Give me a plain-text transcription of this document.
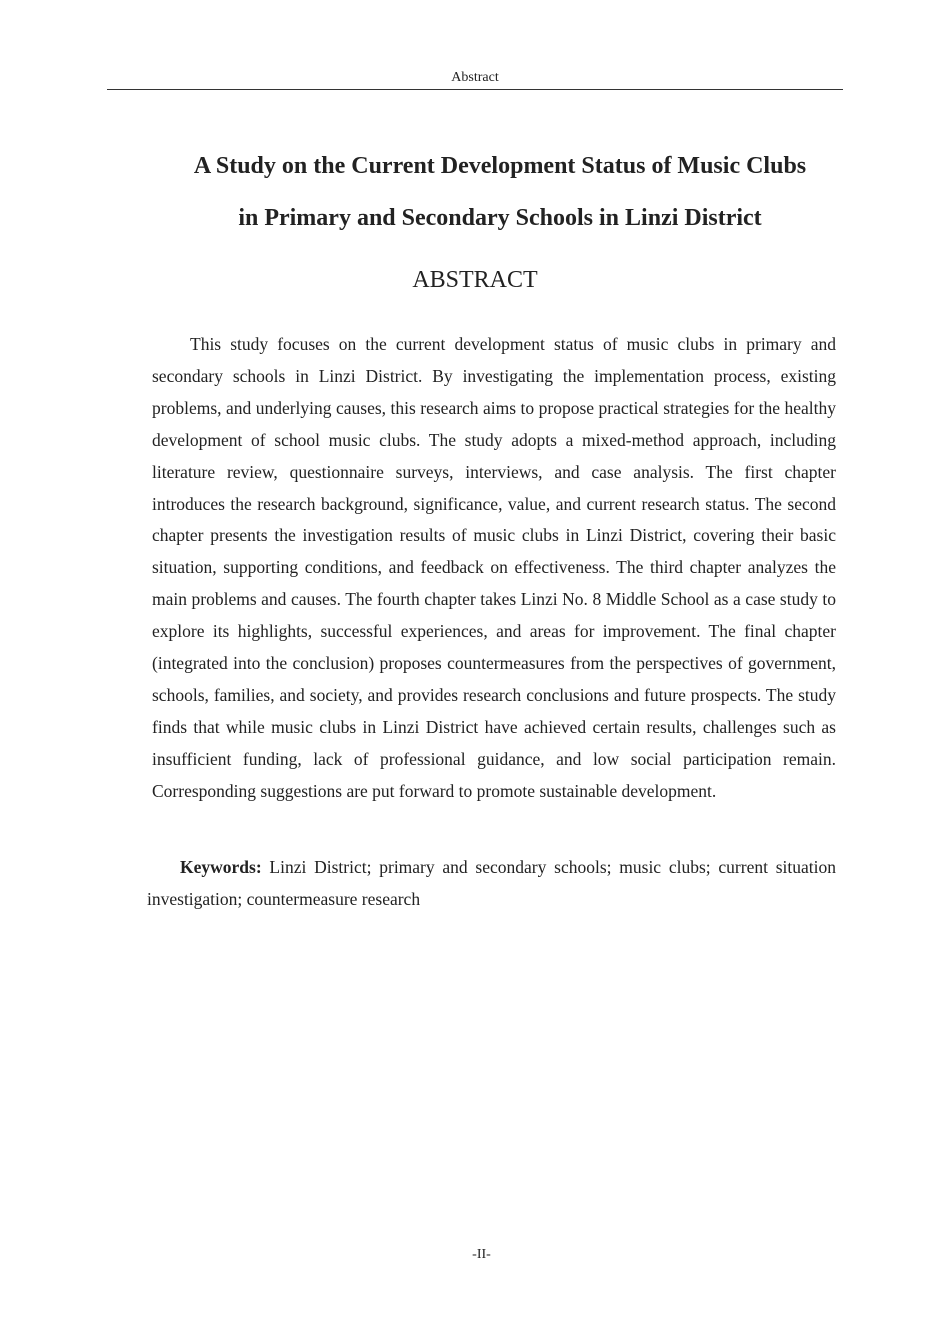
Abstract
A Study on the Current Development Status of Music Clubs
in Primary and Secondary Schools in Linzi District
ABSTRACT

This study focuses on the current development status of music clubs in primary and secondary schools in Linzi District. By investigating the implementation process, existing problems, and underlying causes, this research aims to propose practical strategies for the healthy development of school music clubs. The study adopts a mixed-method approach, including literature review, questionnaire surveys, interviews, and case analysis. The first chapter introduces the research background, significance, value, and current research status. The second chapter presents the investigation results of music clubs in Linzi District, covering their basic situation, supporting conditions, and feedback on effectiveness. The third chapter analyzes the main problems and causes. The fourth chapter takes Linzi No. 8 Middle School as a case study to explore its highlights, successful experiences, and areas for improvement. The final chapter (integrated into the conclusion) proposes countermeasures from the perspectives of government, schools, families, and society, and provides research conclusions and future prospects. The study finds that while music clubs in Linzi District have achieved certain results, challenges such as insufficient funding, lack of professional guidance, and low social participation remain. Corresponding suggestions are put forward to promote sustainable development.

Keywords: Linzi District; primary and secondary schools; music clubs; current situation investigation; countermeasure research

-II-
